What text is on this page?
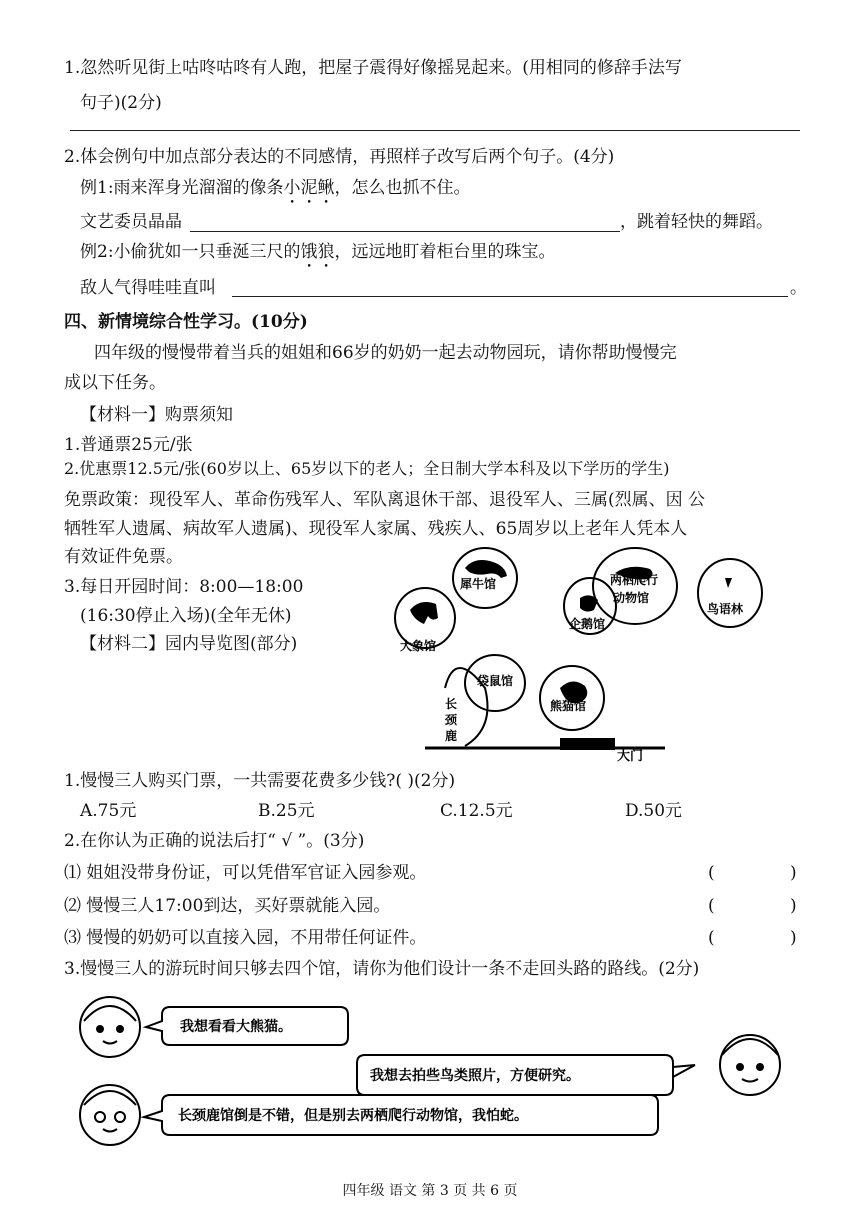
1.忽然听见街上咕咚咕咚有人跑，把屋子震得好像摇晃起来。(用相同的修辞手法写
句子)(2分)
2.体会例句中加点部分表达的不同感情，再照样子改写后两个句子。(4分)
例1:雨来浑身光溜溜的像条小泥鳅，怎么也抓不住。
文艺委员晶晶	，跳着轻快的舞蹈。
例2:小偷犹如一只垂涎三尺的饿狼，远远地盯着柜台里的珠宝。
敌人气得哇哇直叫	。
四、新情境综合性学习。(10分)
四年级的慢慢带着当兵的姐姐和66岁的奶奶一起去动物园玩，请你帮助慢慢完
成以下任务。
【材料一】购票须知
1.普通票25元/张
2.优惠票12.5元/张(60岁以上、65岁以下的老人；全日制大学本科及以下学历的学生)
免票政策：现役军人、革命伤残军人、军队离退休干部、退役军人、三属(烈属、因 公
牺牲军人遗属、病故军人遗属)、现役军人家属、残疾人、65周岁以上老年人凭本人
有效证件免票。
3.每日开园时间：8:00—18:00
(16:30停止入场)(全年无休)
【材料二】园内导览图(部分)
犀牛馆	两栖爬行
动物馆
鸟语林
企鹅馆
大象馆
袋鼠馆
熊猫馆
长
颈
鹿
大门
1.慢慢三人购买门票，一共需要花费多少钱?( )(2分)
A.75元	B.25元	C.12.5元	D.50元
2.在你认为正确的说法后打“ √ ”。(3分)
⑴ 姐姐没带身份证，可以凭借军官证入园参观。	(	)
⑵ 慢慢三人17:00到达，买好票就能入园。	(	)
⑶ 慢慢的奶奶可以直接入园，不用带任何证件。	(	)
3.慢慢三人的游玩时间只够去四个馆，请你为他们设计一条不走回头路的路线。(2分)
我想看看大熊猫。
我想去拍些鸟类照片，方便研究。
长颈鹿馆倒是不错，但是别去两栖爬行动物馆，我怕蛇。
四年级 语文 第 3 页 共 6 页
